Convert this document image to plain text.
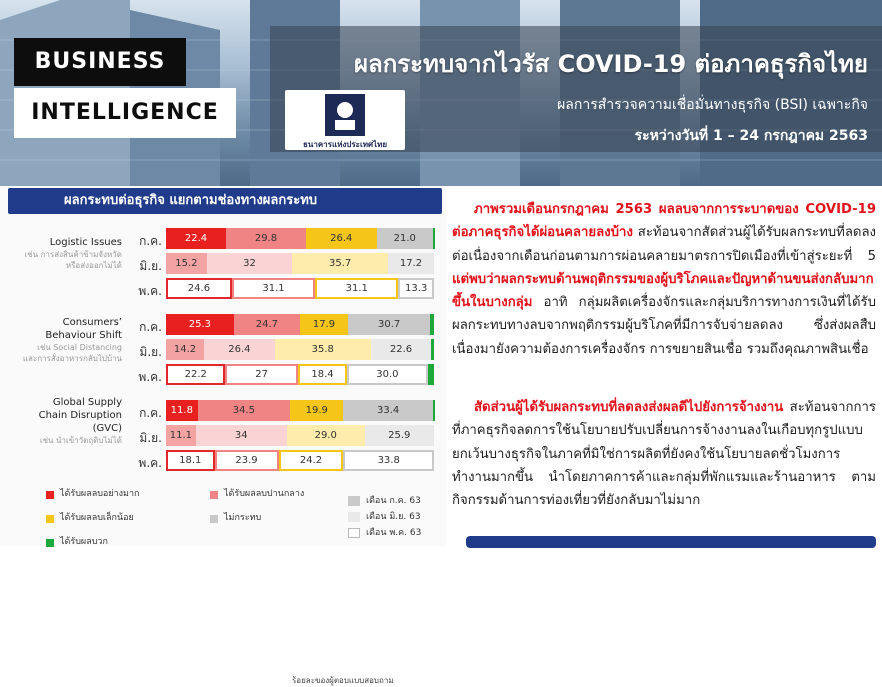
BUSINESS
INTELLIGENCE
ธนาคารแห่งประเทศไทย
ผลกระทบจากไวรัส COVID-19 ต่อภาคธุรกิจไทย
ผลการสำรวจความเชื่อมั่นทางธุรกิจ (BSI) เฉพาะกิจ
ระหว่างวันที่ 1 – 24 กรกฎาคม 2563
ผลกระทบต่อธุรกิจ แยกตามช่องทางผลกระทบ
Logistic Issues
เช่น การส่งสินค้าข้ามจังหวัด
หรือส่งออกไม่ได้
ก.ค.	22.4	29.8	26.4	21.0
มิ.ย.	15.2	32	35.7	17.2
พ.ค.	24.6	31.1	31.1	13.3
Consumers’
Behaviour Shift
เช่น Social Distancing
และการสั่งอาหารกลับไปบ้าน
ก.ค.	25.3	24.7	17.9	30.7
มิ.ย.	14.2	26.4	35.8	22.6
พ.ค.	22.2	27	18.4	30.0
Global Supply
Chain Disruption
(GVC)
เช่น นำเข้าวัตถุดิบไม่ได้
ก.ค. 11.8	34.5	19.9	33.4
มิ.ย. 11.1	34	29.0	25.9
พ.ค.	18.1	23.9	24.2	33.8
ร้อยละของผู้ตอบแบบสอบถาม
ได้รับผลลบอย่างมาก	ได้รับผลลบปานกลาง
ได้รับผลลบเล็กน้อย	ไม่กระทบ
ได้รับผลบวก
เดือน ก.ค. 63
เดือน มิ.ย. 63
เดือน พ.ค. 63
ภาพรวมเดือนกรกฎาคม 2563 ผลลบจากการระบาดของ COVID-19 ต่อภาคธุรกิจได้ผ่อนคลายลงบ้าง สะท้อนจากสัดส่วนผู้ได้รับผลกระทบที่ลดลงต่อเนื่องจากเดือนก่อนตามการผ่อนคลายมาตรการปิดเมืองที่เข้าสู่ระยะที่ 5 แต่พบว่าผลกระทบด้านพฤติกรรมของผู้บริโภคและปัญหาด้านขนส่งกลับมากขึ้นในบางกลุ่ม อาทิ กลุ่มผลิตเครื่องจักรและกลุ่มบริการทางการเงินที่ได้รับผลกระทบทางลบจากพฤติกรรมผู้บริโภคที่มีการจับจ่ายลดลง ซึ่งส่งผลสืบเนื่องมายังความต้องการเครื่องจักร การขยายสินเชื่อ รวมถึงคุณภาพสินเชื่อ
สัดส่วนผู้ได้รับผลกระทบที่ลดลงส่งผลดีไปยังการจ้างงาน สะท้อนจากการที่ภาคธุรกิจลดการใช้นโยบายปรับเปลี่ยนการจ้างงานลงในเกือบทุกรูปแบบ ยกเว้นบางธุรกิจในภาคที่มิใช่การผลิตที่ยังคงใช้นโยบายลดชั่วโมงการทำงานมากขึ้น นำโดยภาคการค้าและกลุ่มที่พักแรมและร้านอาหาร ตามกิจกรรมด้านการท่องเที่ยวที่ยังกลับมาไม่มาก
